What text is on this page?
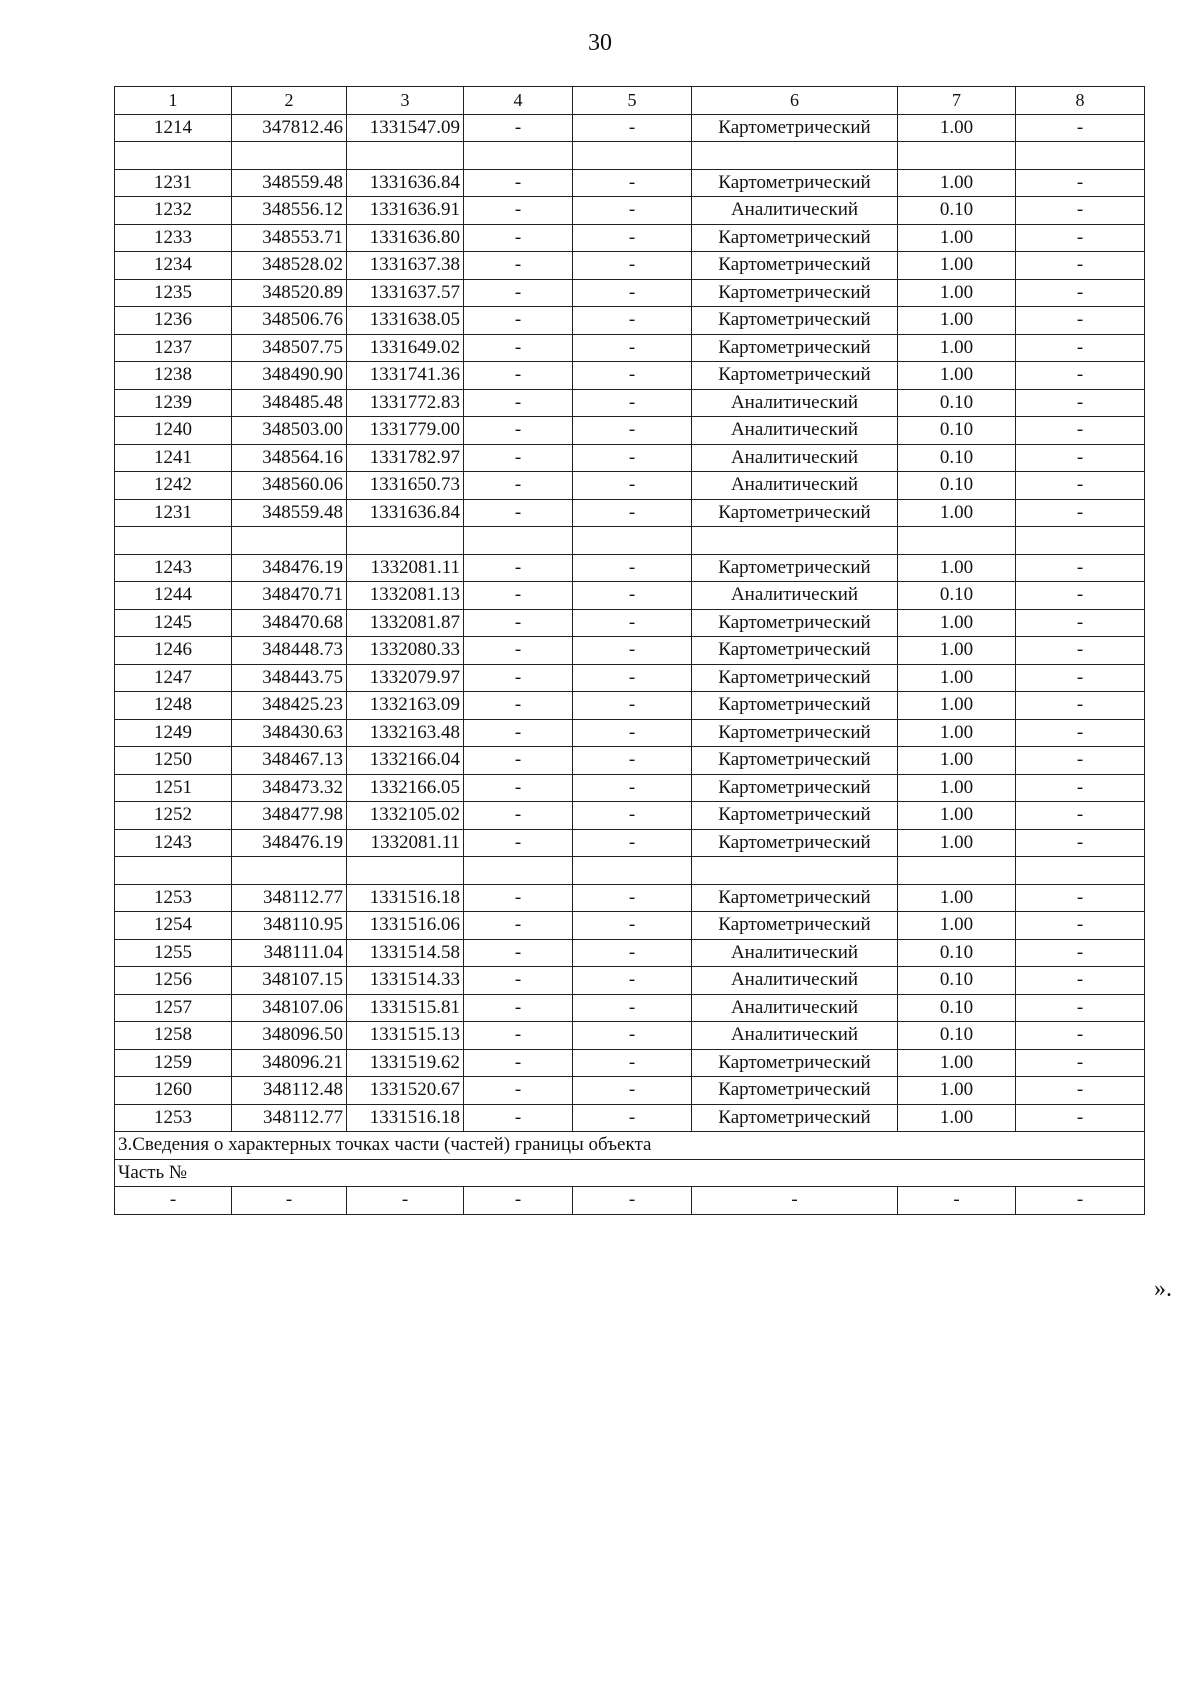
30
1	2	3	4	5	6	7	8
1214	347812.46	1331547.09	-	-	Картометрический	1.00	-

1231	348559.48	1331636.84	-	-	Картометрический	1.00	-
1232	348556.12	1331636.91	-	-	Аналитический	0.10	-
1233	348553.71	1331636.80	-	-	Картометрический	1.00	-
1234	348528.02	1331637.38	-	-	Картометрический	1.00	-
1235	348520.89	1331637.57	-	-	Картометрический	1.00	-
1236	348506.76	1331638.05	-	-	Картометрический	1.00	-
1237	348507.75	1331649.02	-	-	Картометрический	1.00	-
1238	348490.90	1331741.36	-	-	Картометрический	1.00	-
1239	348485.48	1331772.83	-	-	Аналитический	0.10	-
1240	348503.00	1331779.00	-	-	Аналитический	0.10	-
1241	348564.16	1331782.97	-	-	Аналитический	0.10	-
1242	348560.06	1331650.73	-	-	Аналитический	0.10	-
1231	348559.48	1331636.84	-	-	Картометрический	1.00	-

1243	348476.19	1332081.11	-	-	Картометрический	1.00	-
1244	348470.71	1332081.13	-	-	Аналитический	0.10	-
1245	348470.68	1332081.87	-	-	Картометрический	1.00	-
1246	348448.73	1332080.33	-	-	Картометрический	1.00	-
1247	348443.75	1332079.97	-	-	Картометрический	1.00	-
1248	348425.23	1332163.09	-	-	Картометрический	1.00	-
1249	348430.63	1332163.48	-	-	Картометрический	1.00	-
1250	348467.13	1332166.04	-	-	Картометрический	1.00	-
1251	348473.32	1332166.05	-	-	Картометрический	1.00	-
1252	348477.98	1332105.02	-	-	Картометрический	1.00	-
1243	348476.19	1332081.11	-	-	Картометрический	1.00	-

1253	348112.77	1331516.18	-	-	Картометрический	1.00	-
1254	348110.95	1331516.06	-	-	Картометрический	1.00	-
1255	348111.04	1331514.58	-	-	Аналитический	0.10	-
1256	348107.15	1331514.33	-	-	Аналитический	0.10	-
1257	348107.06	1331515.81	-	-	Аналитический	0.10	-
1258	348096.50	1331515.13	-	-	Аналитический	0.10	-
1259	348096.21	1331519.62	-	-	Картометрический	1.00	-
1260	348112.48	1331520.67	-	-	Картометрический	1.00	-
1253	348112.77	1331516.18	-	-	Картометрический	1.00	-
3.Сведения о характерных точках части (частей) границы объекта							
Часть №							
-	-	-	-	-	-	-	-
».
